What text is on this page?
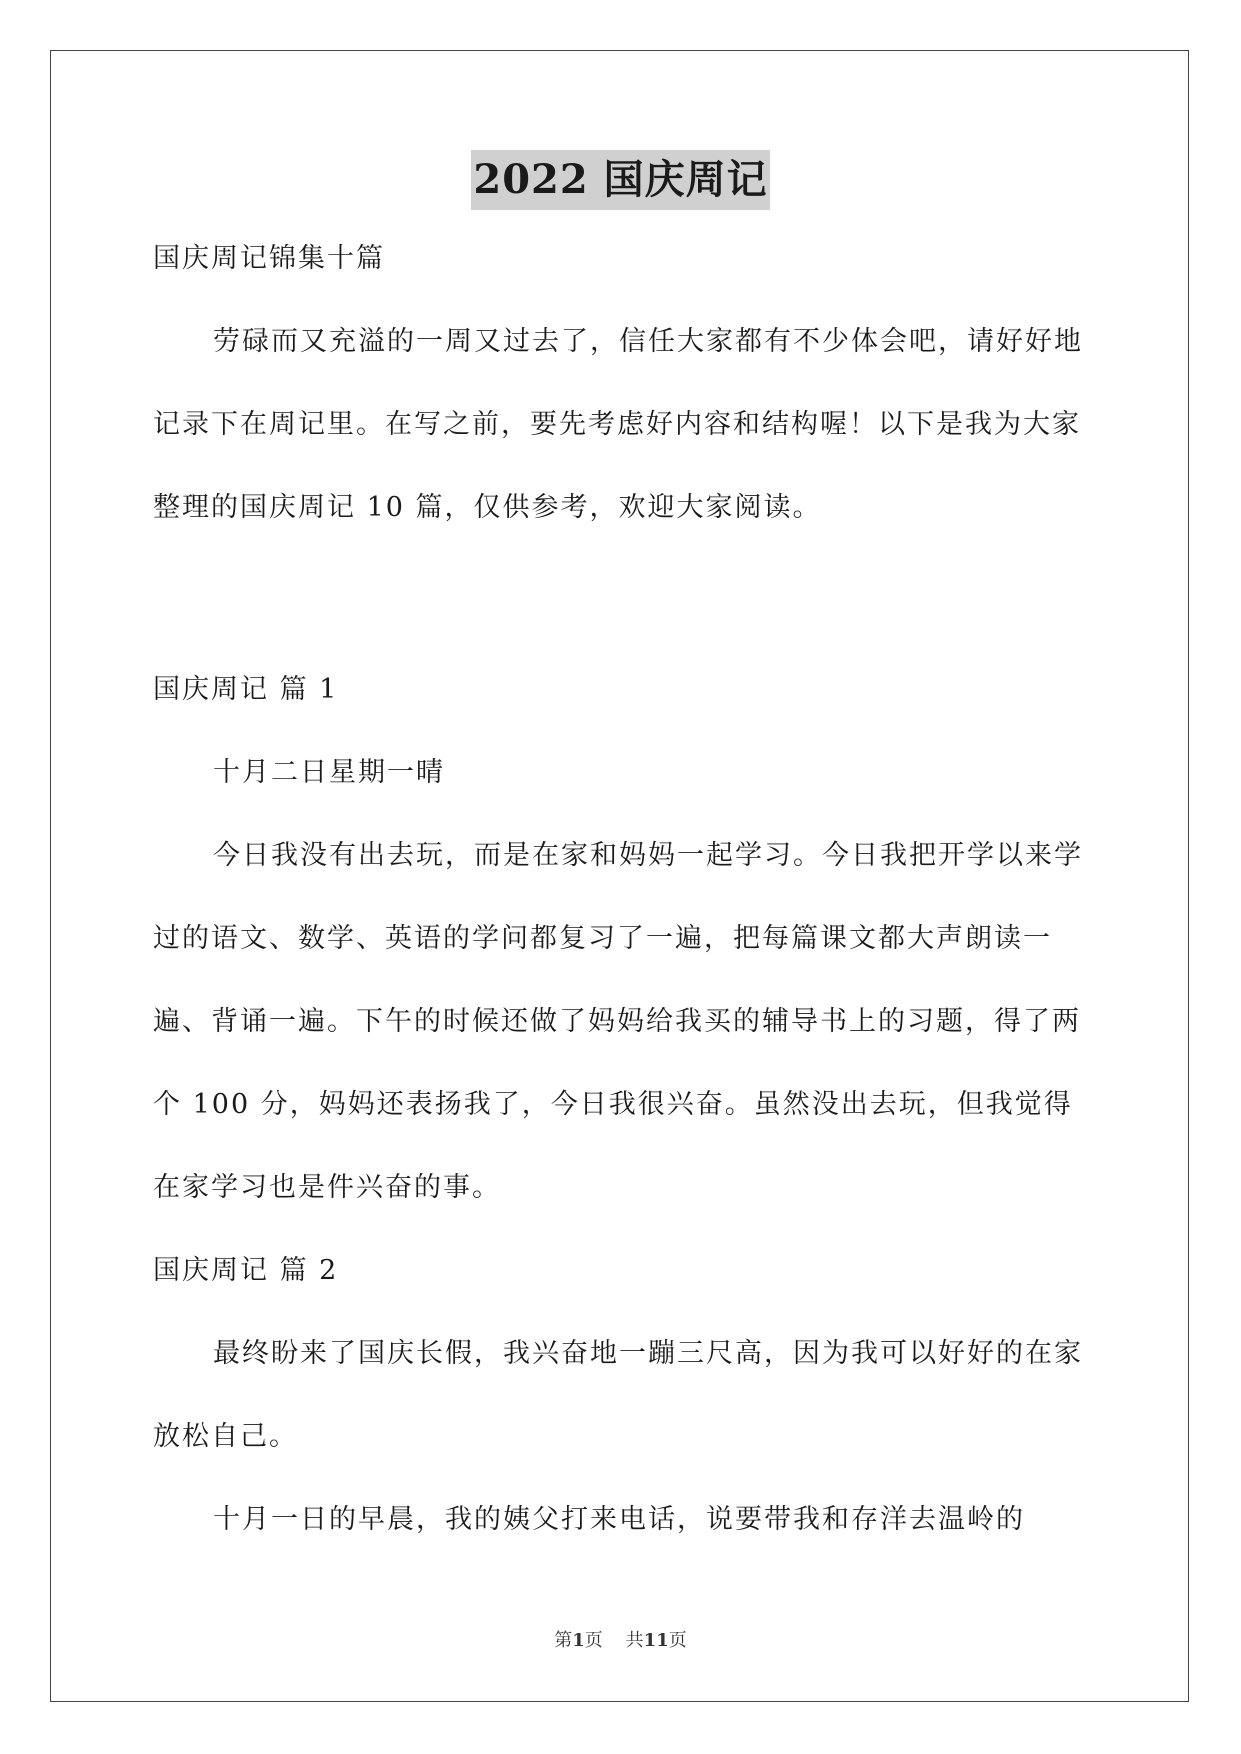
2022 国庆周记

国庆周记锦集十篇

劳碌而又充溢的一周又过去了，信任大家都有不少体会吧，请好好地记录下在周记里。在写之前，要先考虑好内容和结构喔！以下是我为大家整理的国庆周记 10 篇，仅供参考，欢迎大家阅读。

国庆周记 篇 1

十月二日星期一晴

今日我没有出去玩，而是在家和妈妈一起学习。今日我把开学以来学过的语文、数学、英语的学问都复习了一遍，把每篇课文都大声朗读一遍、背诵一遍。下午的时候还做了妈妈给我买的辅导书上的习题，得了两个 100 分，妈妈还表扬我了，今日我很兴奋。虽然没出去玩，但我觉得在家学习也是件兴奋的事。

国庆周记 篇 2

最终盼来了国庆长假，我兴奋地一蹦三尺高，因为我可以好好的在家放松自己。

十月一日的早晨，我的姨父打来电话，说要带我和存洋去温岭的

第1页 共11页
